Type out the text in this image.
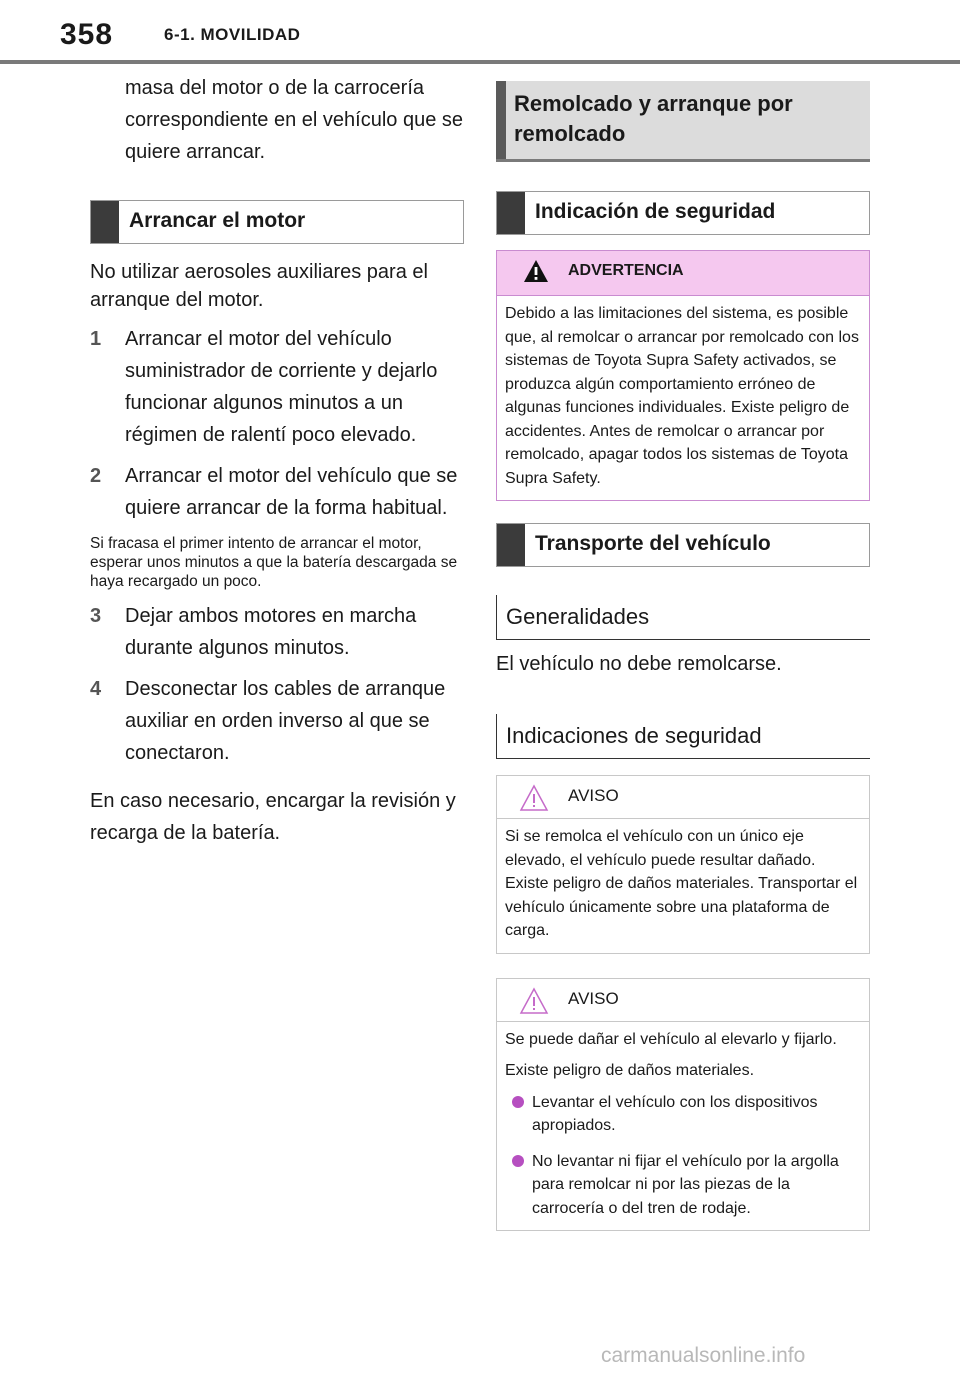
358	6-1. MOVILIDAD

masa del motor o de la carrocería correspondiente en el vehículo que se quiere arrancar.

Arrancar el motor

No utilizar aerosoles auxiliares para el arranque del motor.

1 Arrancar el motor del vehículo suministrador de corriente y dejarlo funcionar algunos minutos a un régimen de ralentí poco elevado.
2 Arrancar el motor del vehículo que se quiere arrancar de la forma habitual.

Si fracasa el primer intento de arrancar el motor, esperar unos minutos a que la batería descargada se haya recargado un poco.

3 Dejar ambos motores en marcha durante algunos minutos.
4 Desconectar los cables de arranque auxiliar en orden inverso al que se conectaron.

En caso necesario, encargar la revisión y recarga de la batería.

Remolcado y arranque por remolcado
Indicación de seguridad
ADVERTENCIA
Debido a las limitaciones del sistema, es posible que, al remolcar o arrancar por remolcado con los sistemas de Toyota Supra Safety activados, se produzca algún comportamiento erróneo de algunas funciones individuales. Existe peligro de accidentes. Antes de remolcar o arrancar por remolcado, apagar todos los sistemas de Toyota Supra Safety.
Transporte del vehículo
Generalidades

El vehículo no debe remolcarse.

Indicaciones de seguridad
AVISO
Si se remolca el vehículo con un único eje elevado, el vehículo puede resultar dañado. Existe peligro de daños materiales. Transportar el vehículo únicamente sobre una plataforma de carga.
AVISO

Se puede dañar el vehículo al elevarlo y fijarlo.

Existe peligro de daños materiales.

Levantar el vehículo con los dispositivos apropiados.
No levantar ni fijar el vehículo por la argolla para remolcar ni por las piezas de la carrocería o del tren de rodaje.
carmanualsonline.info
